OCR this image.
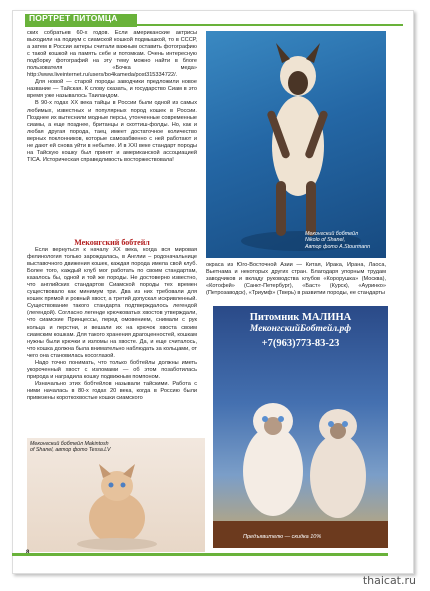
ПОРТРЕТ ПИТОМЦА

ских собратьев 60-х годов. Если американские актрисы выходили на подиум с сиамской кошкой подмышкой, то в СССР, а затем в России актеры считали важным оставить фотографию с такой кошкой на память себе и потомкам. Очень интересную подборку фотографий на эту тему можно найти в блоге пользователя «Бочка меда» http://www.liveinternet.ru/users/bo4kameda/post315334722/.

Для новой — старой породы заводчики предложили новое название — Тайская. К слову сказать, и государство Сиам в это время уже называлось Таиландом.

В 90-х годах XX века тайцы в России были одной из самых любимых, известных и популярных пород кошек в России. Позднее их вытеснили модные персы, утонченные современные сиамы, а еще позднее, британцы и скоттиш-фолды. Но, как и любая другая порода, таец имеет достаточное количество верных поклонников, которые самозабвенно с ней работают и не дают ей снова уйти в небытие. И в XXI веке стандарт породы на Тайскую кошку был принят и американской ассоциацией TICA. Историческая справедливость восторжествовала!

Меконгский бобтейл

Если вернуться к началу XX века, когда вся мировая фелинология только зарождалась, в Англии – родоначальнице выставочного движения кошек, каждая порода имела свой клуб. Более того, каждый клуб мог работать по своим стандартам, казалось бы, одной и той же породы. Не достоверно известно, что английских стандартов Сиамской породы тех времен существовало как минимум три. Два из них требовали для кошек прямой и ровный хвост, а третий допускал искривленный. Существование такого стандарта подтверждалось легендой (легендой). Согласно легенде крючковатых хвостов утверждали, что сиамские Принцессы, перед омовением, снимали с рук кольца и перстни, и вешали их на крючок хвоста своим сиамским кошкам. Для такого хранения драгоценностей, кошкам нужны были крючки и изломы на хвосте. Да, и еще считалось, что кошка должна была внимательно наблюдать за кольцами, от чего она становилась косоглазой.

Надо точно понимать, что только бобтейлы должны иметь укороченный хвост с изломами — об этом позаботилась природа и наградила кошку подвижным помпоном.

Изначально этих бобтейлов называли тайскими. Работа с ними началась в 80-х годах 20 века, когда в Россию были привезены короткохвостые кошки сиамского

Меконгский бобтейл
Nikolo of Shanel,
Автор фото A.Stourmann

окраса из Юго-Восточной Азии — Китая, Ирака, Ирана, Лаоса, Вьетнама и некоторых других стран. Благодаря упорным трудам заводчиков и вкладу руководства клубов «Корорушка» (Москва), «Котофей» (Санкт-Петербург), «Баст» (Курск), «Ауринко» (Петрозаводск), «Триумф» (Тверь) в развитии породы, ее стандарты

Питомник МАЛИНА
МеконгскийБобтейл.рф
+7(963)773-83-23
Предъявителю — скидка 10%
Меконгский бобтейл Makintosh
of Shanel, автор фото Tessa.LV
thaicat.ru
